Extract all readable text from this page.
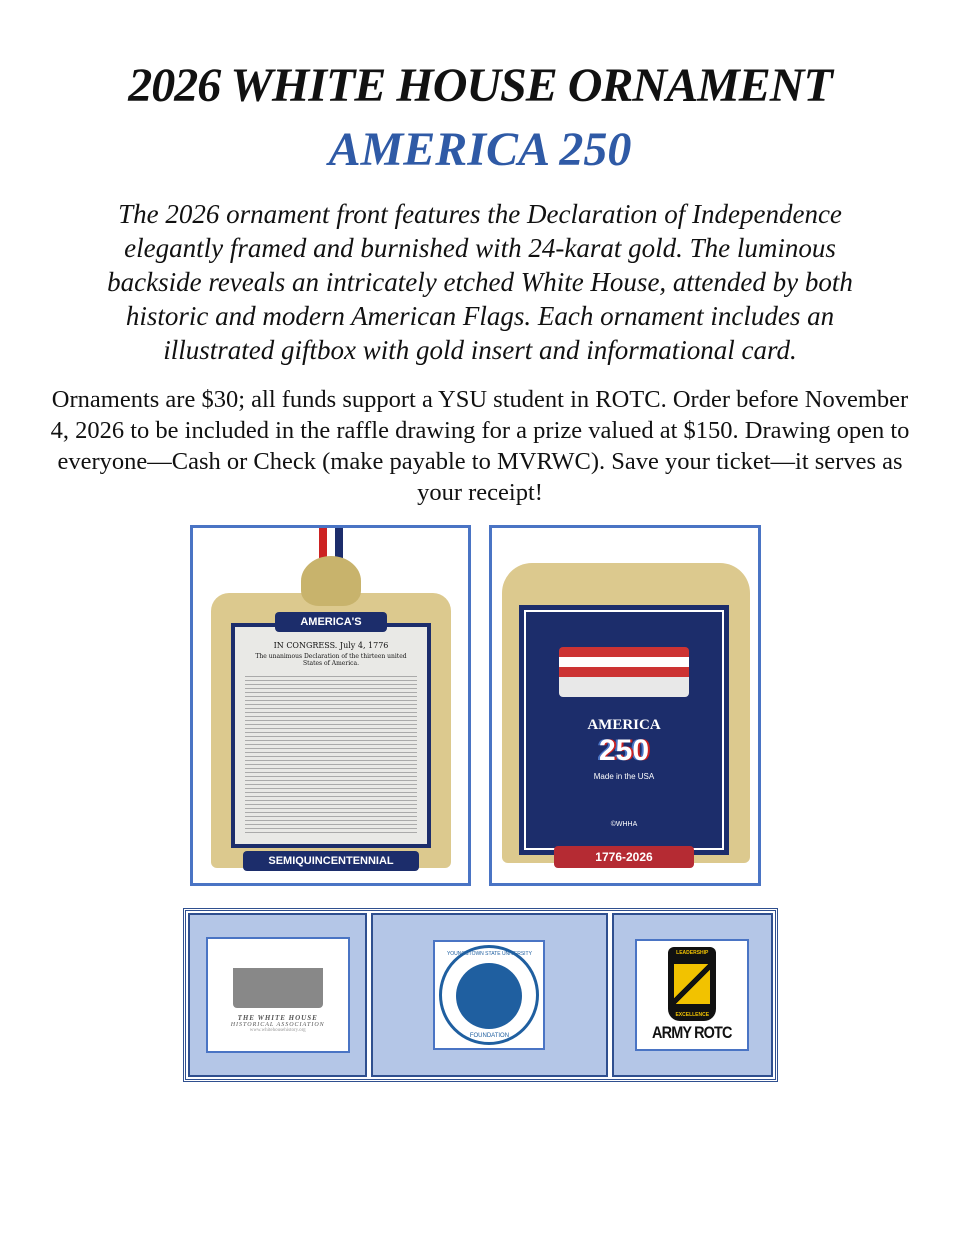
2026 WHITE HOUSE ORNAMENT
AMERICA 250

The 2026 ornament front features the Declaration of Independence elegantly framed and burnished with 24-karat gold. The luminous backside reveals an intricately etched White House, attended by both historic and modern American Flags. Each ornament includes an illustrated giftbox with gold insert and informational card.

Ornaments are $30; all funds support a YSU student in ROTC. Order before November 4, 2026 to be included in the raffle drawing for a prize valued at $150. Drawing open to everyone—Cash or Check (make payable to MVRWC). Save your ticket—it serves as your receipt!

IN CONGRESS. July 4, 1776
The unanimous Declaration of the thirteen united States of America.
AMERICA'S
SEMIQUINCENTENNIAL
AMERICA
250
Made in the USA
©WHHA
1776-2026
THE WHITE HOUSE
HISTORICAL ASSOCIATION
www.whitehousehistory.org
YOUNGSTOWN STATE UNIVERSITY
FOUNDATION
LEADERSHIP
EXCELLENCE
ARMY ROTC
